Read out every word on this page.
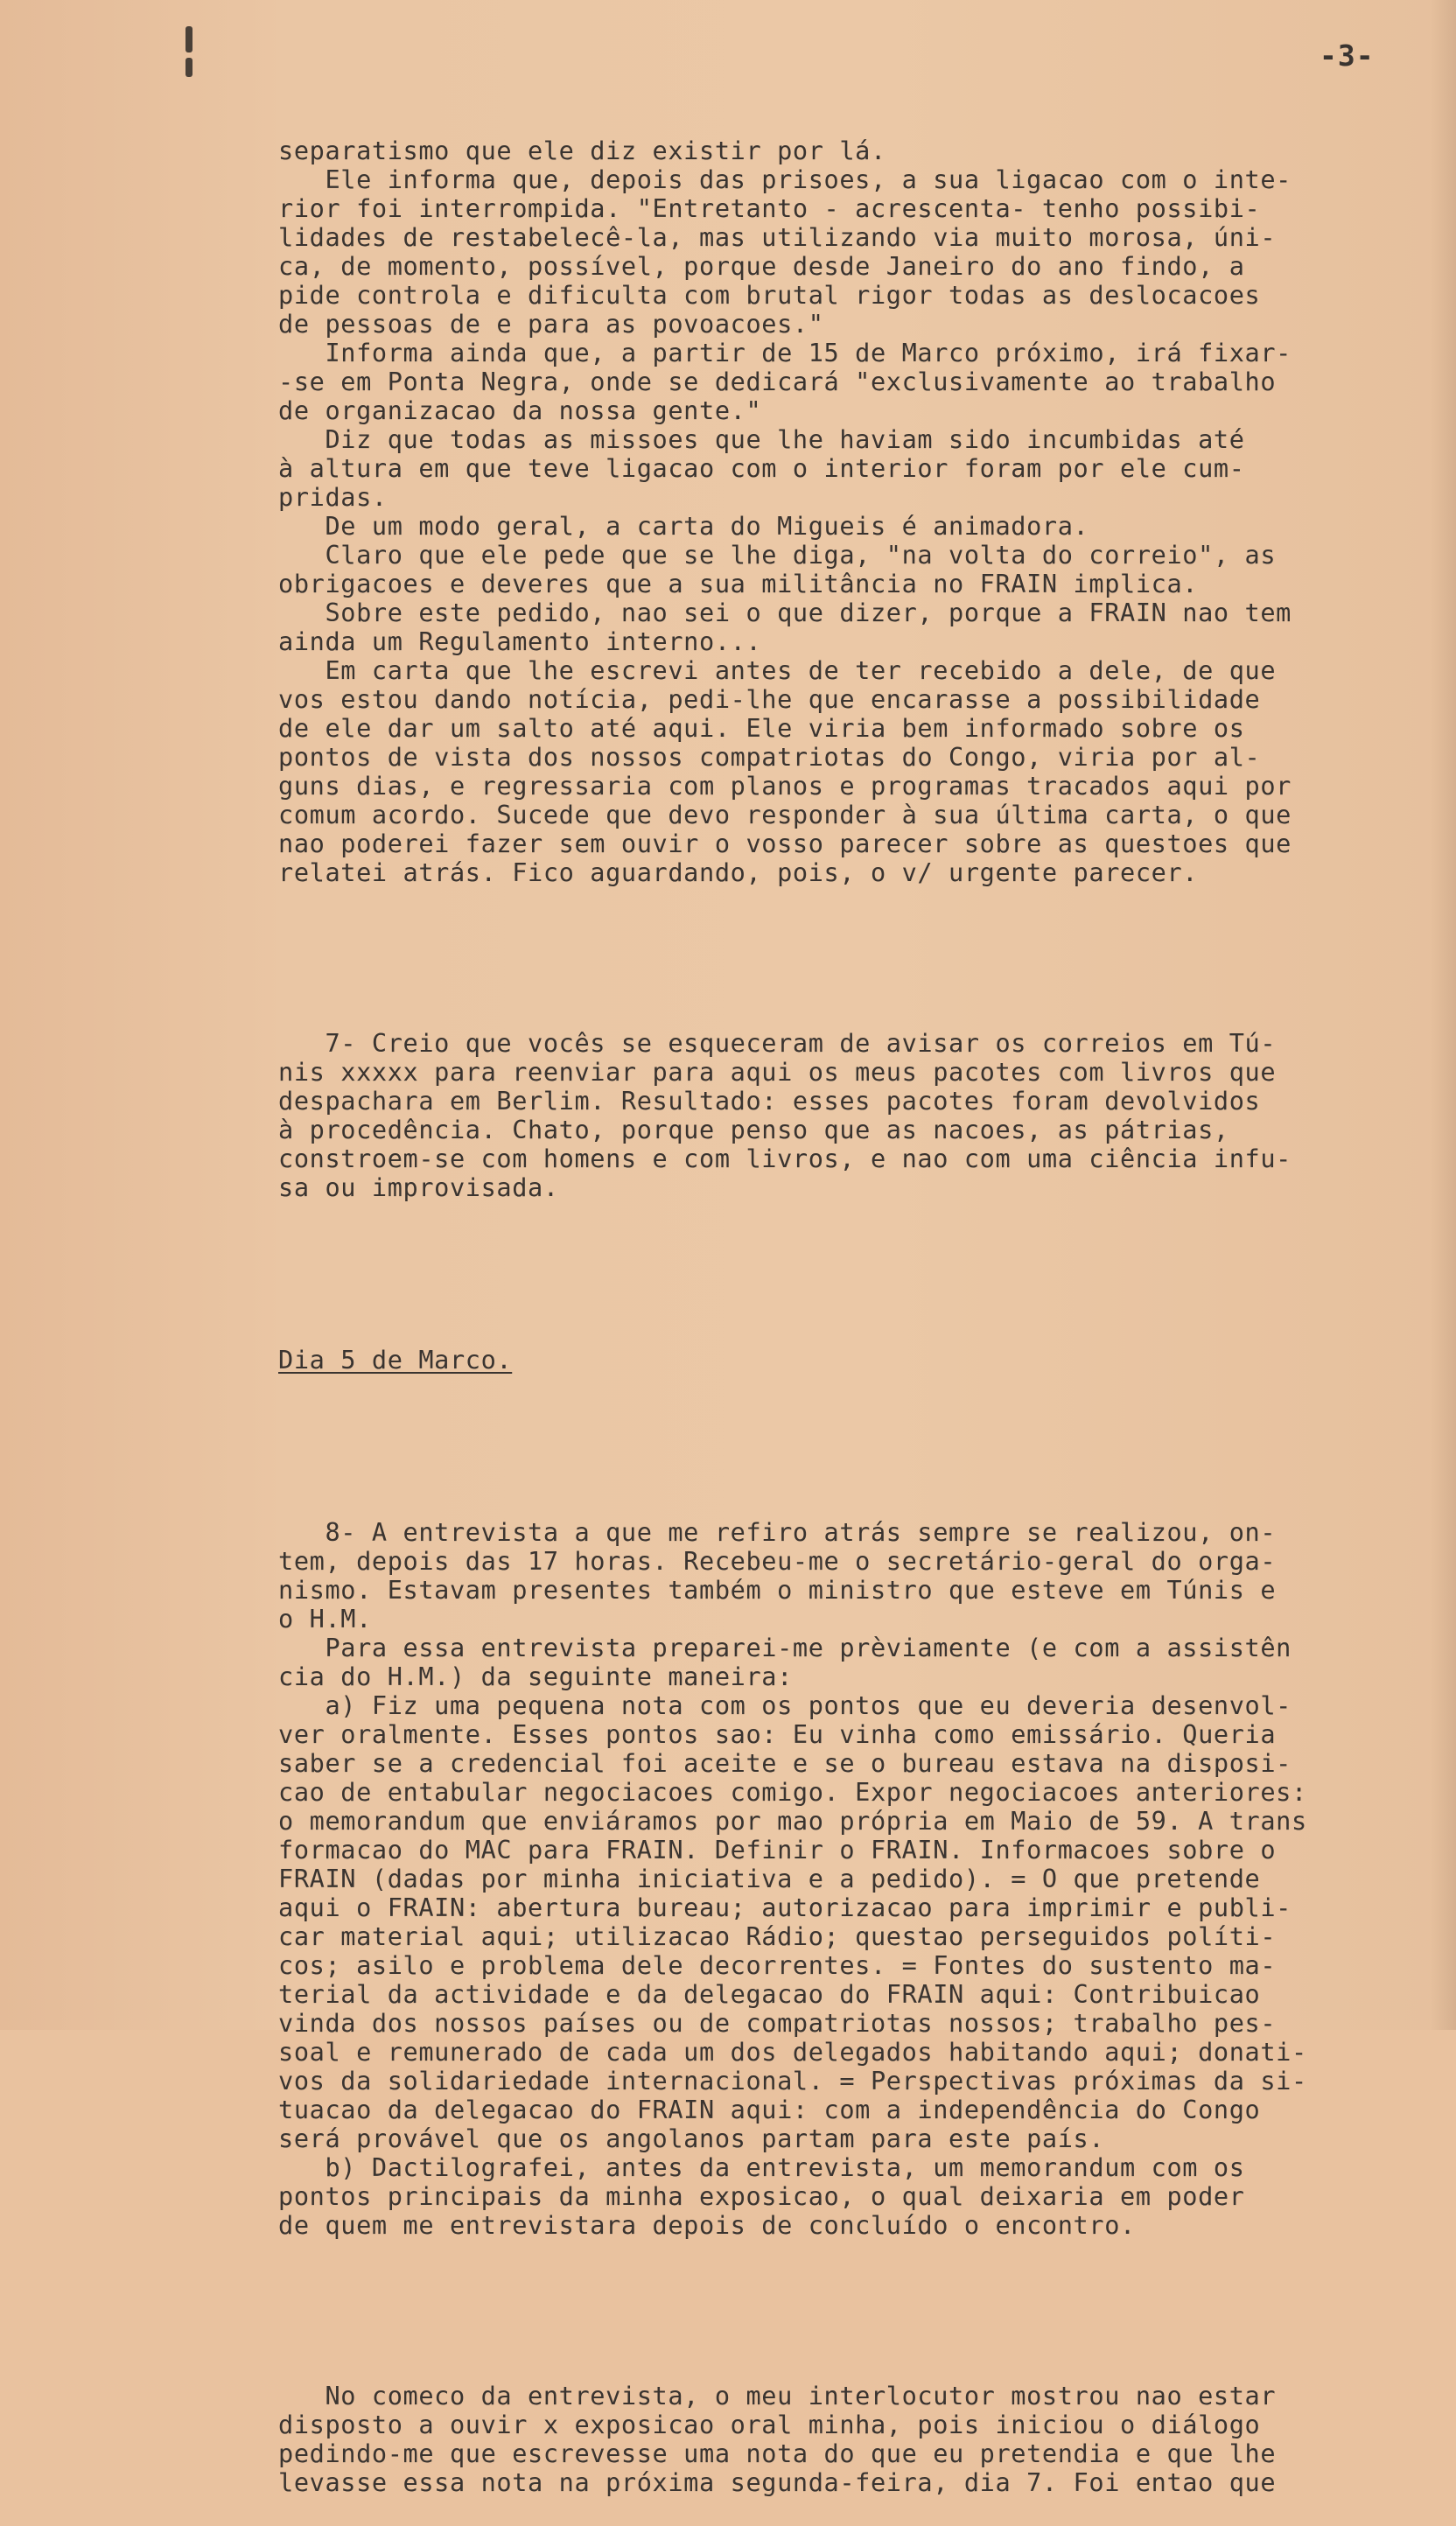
-3-

separatismo que ele diz existir por lá.
Ele informa que, depois das prisoes, a sua ligacao com o inte-
rior foi interrompida. "Entretanto - acrescenta- tenho possibi-
lidades de restabelecê-la, mas utilizando via muito morosa, úni-
ca, de momento, possível, porque desde Janeiro do ano findo, a
pide controla e dificulta com brutal rigor todas as deslocacoes
de pessoas de e para as povoacoes."
Informa ainda que, a partir de 15 de Marco próximo, irá fixar-
-se em Ponta Negra, onde se dedicará "exclusivamente ao trabalho
de organizacao da nossa gente."
Diz que todas as missoes que lhe haviam sido incumbidas até
à altura em que teve ligacao com o interior foram por ele cum-
pridas.
De um modo geral, a carta do Migueis é animadora.
Claro que ele pede que se lhe diga, "na volta do correio", as
obrigacoes e deveres que a sua militância no FRAIN implica.
Sobre este pedido, nao sei o que dizer, porque a FRAIN nao tem
ainda um Regulamento interno...
Em carta que lhe escrevi antes de ter recebido a dele, de que
vos estou dando notícia, pedi-lhe que encarasse a possibilidade
de ele dar um salto até aqui. Ele viria bem informado sobre os
pontos de vista dos nossos compatriotas do Congo, viria por al-
guns dias, e regressaria com planos e programas tracados aqui por
comum acordo. Sucede que devo responder à sua última carta, o que
nao poderei fazer sem ouvir o vosso parecer sobre as questoes que
relatei atrás. Fico aguardando, pois, o v/ urgente parecer.

7- Creio que vocês se esqueceram de avisar os correios em Tú-
nis xxxxx para reenviar para aqui os meus pacotes com livros que
despachara em Berlim. Resultado: esses pacotes foram devolvidos
à procedência. Chato, porque penso que as nacoes, as pátrias,
constroem-se com homens e com livros, e nao com uma ciência infu-
sa ou improvisada.

Dia 5 de Marco.

8- A entrevista a que me refiro atrás sempre se realizou, on-
tem, depois das 17 horas. Recebeu-me o secretário-geral do orga-
nismo. Estavam presentes também o ministro que esteve em Túnis e
o H.M.
Para essa entrevista preparei-me prèviamente (e com a assistên
cia do H.M.) da seguinte maneira:
a) Fiz uma pequena nota com os pontos que eu deveria desenvol-
ver oralmente. Esses pontos sao: Eu vinha como emissário. Queria
saber se a credencial foi aceite e se o bureau estava na disposi-
cao de entabular negociacoes comigo. Expor negociacoes anteriores:
o memorandum que enviáramos por mao própria em Maio de 59. A trans
formacao do MAC para FRAIN. Definir o FRAIN. Informacoes sobre o
FRAIN (dadas por minha iniciativa e a pedido). = O que pretende
aqui o FRAIN: abertura bureau; autorizacao para imprimir e publi-
car material aqui; utilizacao Rádio; questao perseguidos políti-
cos; asilo e problema dele decorrentes. = Fontes do sustento ma-
terial da actividade e da delegacao do FRAIN aqui: Contribuicao
vinda dos nossos países ou de compatriotas nossos; trabalho pes-
soal e remunerado de cada um dos delegados habitando aqui; donati-
vos da solidariedade internacional. = Perspectivas próximas da si-
tuacao da delegacao do FRAIN aqui: com a independência do Congo
será provável que os angolanos partam para este país.
b) Dactilografei, antes da entrevista, um memorandum com os
pontos principais da minha exposicao, o qual deixaria em poder
de quem me entrevistara depois de concluído o encontro.

No comeco da entrevista, o meu interlocutor mostrou nao estar
disposto a ouvir x exposicao oral minha, pois iniciou o diálogo
pedindo-me que escrevesse uma nota do que eu pretendia e que lhe
levasse essa nota na próxima segunda-feira, dia 7. Foi entao que
